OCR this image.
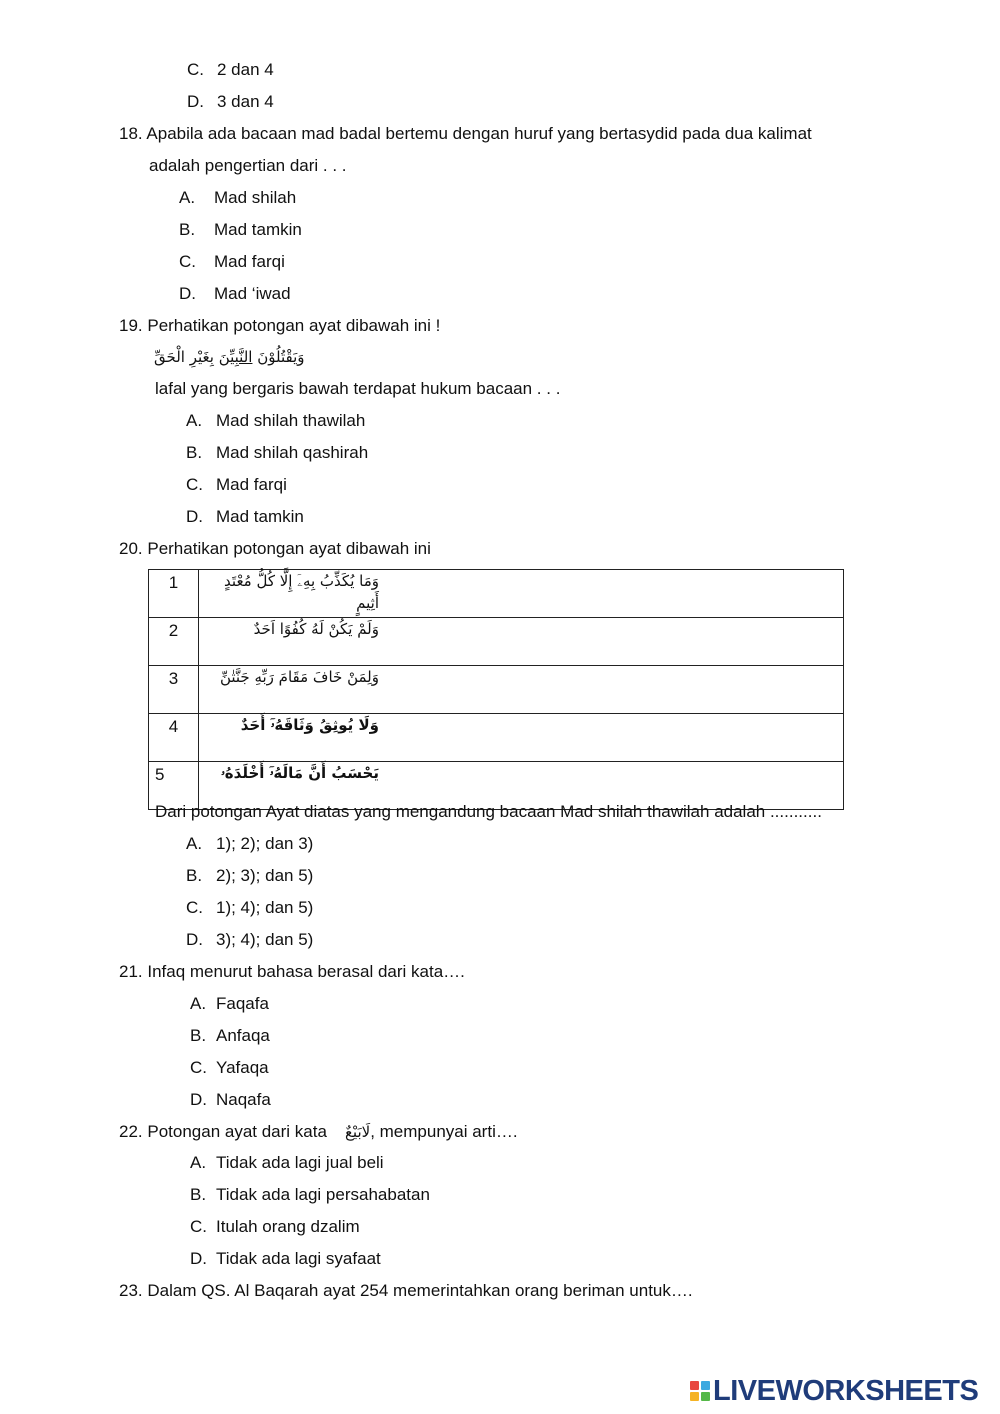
C. 2 dan 4
D. 3 dan 4
18. Apabila ada bacaan mad badal bertemu dengan huruf yang bertasydid pada dua kalimat
adalah pengertian dari . . .
A. Mad shilah
B. Mad tamkin
C. Mad farqi
D. Mad ‘iwad
19. Perhatikan potongan ayat dibawah ini !
وَيَقْتُلُوْنَ النَّبِيِّنَ بِغَيْرِ الْحَقِّ
lafal yang bergaris bawah terdapat hukum bacaan . . .
A. Mad shilah thawilah
B. Mad shilah qashirah
C. Mad farqi
D. Mad tamkin
20. Perhatikan potongan ayat dibawah ini
1	وَمَا يُكَذِّبُ بِهِۦٓ إِلَّا كُلُّ مُعْتَدٍ أَثِيمٍ
2	وَلَمْ يَكُنْ لَهُ كُفُوًا اَحَدٌ
3	وَلِمَنْ خَافَ مَقَامَ رَبِّهِ جَنَّتٰنِّ
4	وَلَا يُوثِقُ وَثَاقَهُۥٓ أَحَدٌ
5	يَحْسَبُ أَنَّ مَالَهُۥٓ أَخْلَدَهُۥ
Dari potongan Ayat diatas yang mengandung bacaan Mad shilah thawilah adalah ...........
A. 1); 2); dan 3)
B. 2); 3); dan 5)
C. 1); 4); dan 5)
D. 3); 4); dan 5)
21. Infaq menurut bahasa berasal dari kata….
A. Faqafa
B. Anfaqa
C. Yafaqa
D. Naqafa
22. Potongan ayat dari kata لَابَيْعٌ, mempunyai arti….
A. Tidak ada lagi jual beli
B. Tidak ada lagi persahabatan
C. Itulah orang dzalim
D. Tidak ada lagi syafaat
23. Dalam QS. Al Baqarah ayat 254 memerintahkan orang beriman untuk….
LIVEWORKSHEETS
